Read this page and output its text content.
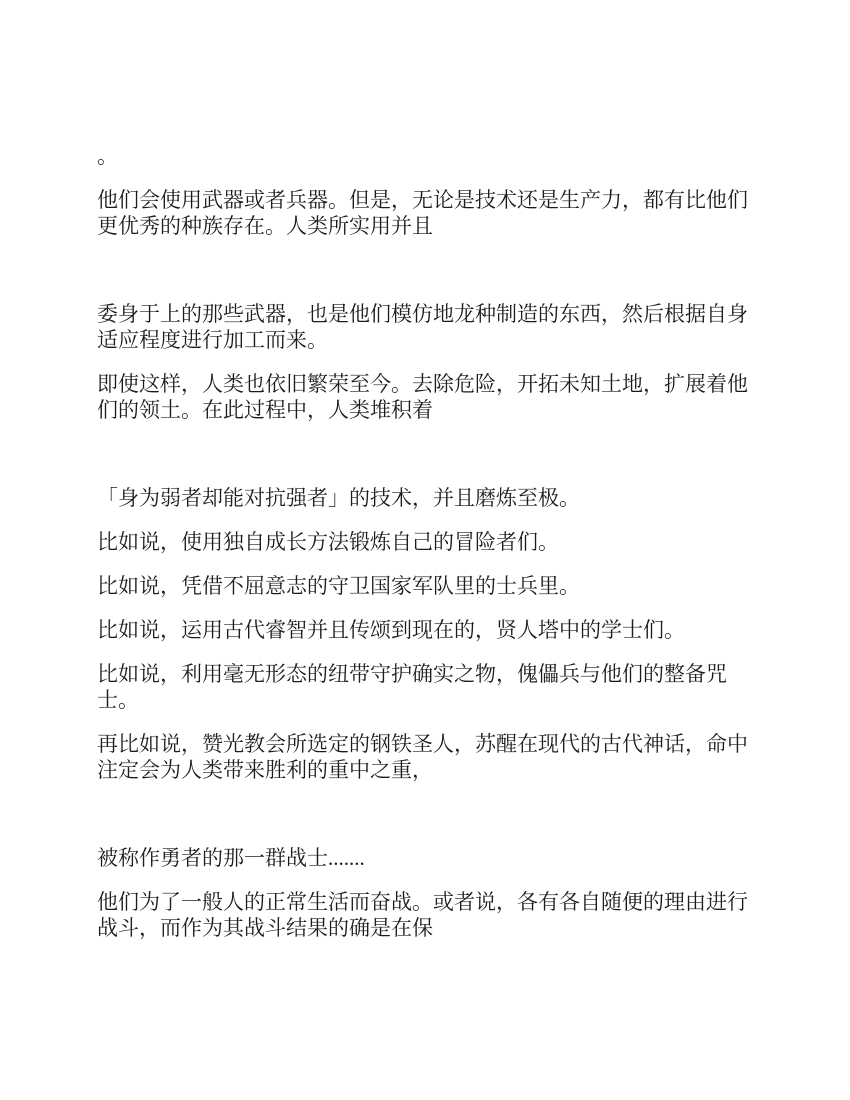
。

他们会使用武器或者兵器。但是，无论是技术还是生产力，都有比他们更优秀的种族存在。人类所实用并且

委身于上的那些武器，也是他们模仿地龙种制造的东西，然后根据自身适应程度进行加工而来。

即使这样，人类也依旧繁荣至今。去除危险，开拓未知土地，扩展着他们的领土。在此过程中，人类堆积着

「身为弱者却能对抗强者」的技术，并且磨炼至极。

比如说，使用独自成长方法锻炼自己的冒险者们。

比如说，凭借不屈意志的守卫国家军队里的士兵里。

比如说，运用古代睿智并且传颂到现在的，贤人塔中的学士们。

比如说，利用毫无形态的纽带守护确实之物，傀儡兵与他们的整备咒士。

再比如说，赞光教会所选定的钢铁圣人，苏醒在现代的古代神话，命中注定会为人类带来胜利的重中之重，

被称作勇者的那一群战士.......

他们为了一般人的正常生活而奋战。或者说，各有各自随便的理由进行战斗，而作为其战斗结果的确是在保
